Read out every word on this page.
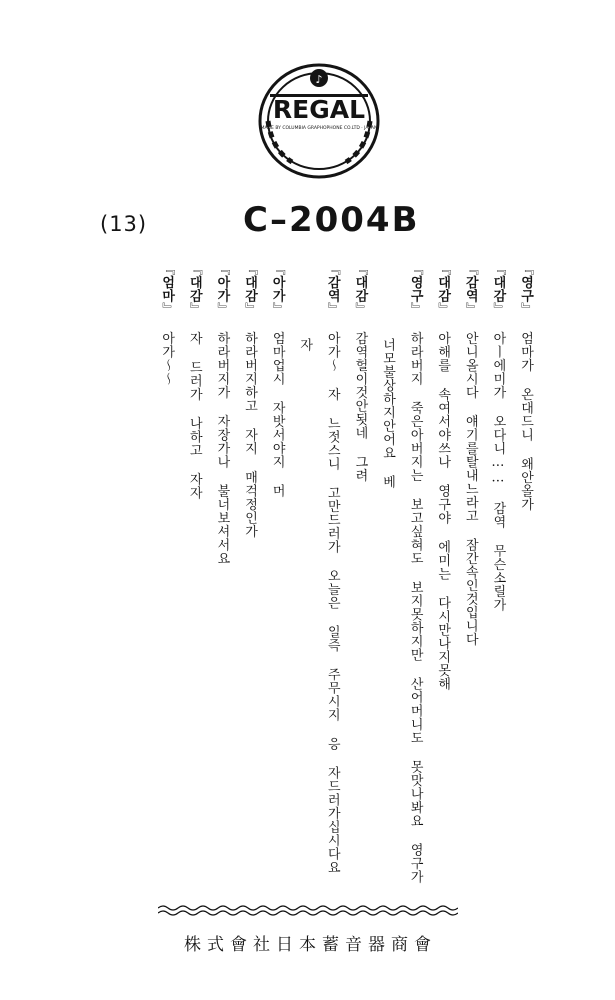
♪
REGAL
MADE BY COLUMBIA GRAPHOPHONE CO.LTD · JAPAN
(13)	C–2004B
『영구』 엄마가 온대드니 왜안올가
『대감』 아ㅣ에미가 오다니…… 감역 무슨소릴가
『감역』 안니올시다 얘기를탈내느라고 잠간속인것입니다
『대감』 아해를 속여서야쓰나 영구야 에미는 다시만나지못해
『영구』 하라버지 죽은아버지는 보고싶혀도 보지못하지만 산어머니도 못맛나봐요 영구가
너모불상하지안어요 베
『대감』 감역헐이것안됫네 그려
『감역』 아가～ 자 느젓스니 고만드러가 오늘은 일즉 주무시지 응 자드러가십시다요
자
『아가』 엄마업시 자밧서야지 머
『대감』 하라버지하고 자지 매걱정인가
『아가』 하라버지가 자장가나 불너보셔서요
『대감』 자 드러가 나하고 자자
『엄마』 아가～～
株式會社日本蓄音器商會
